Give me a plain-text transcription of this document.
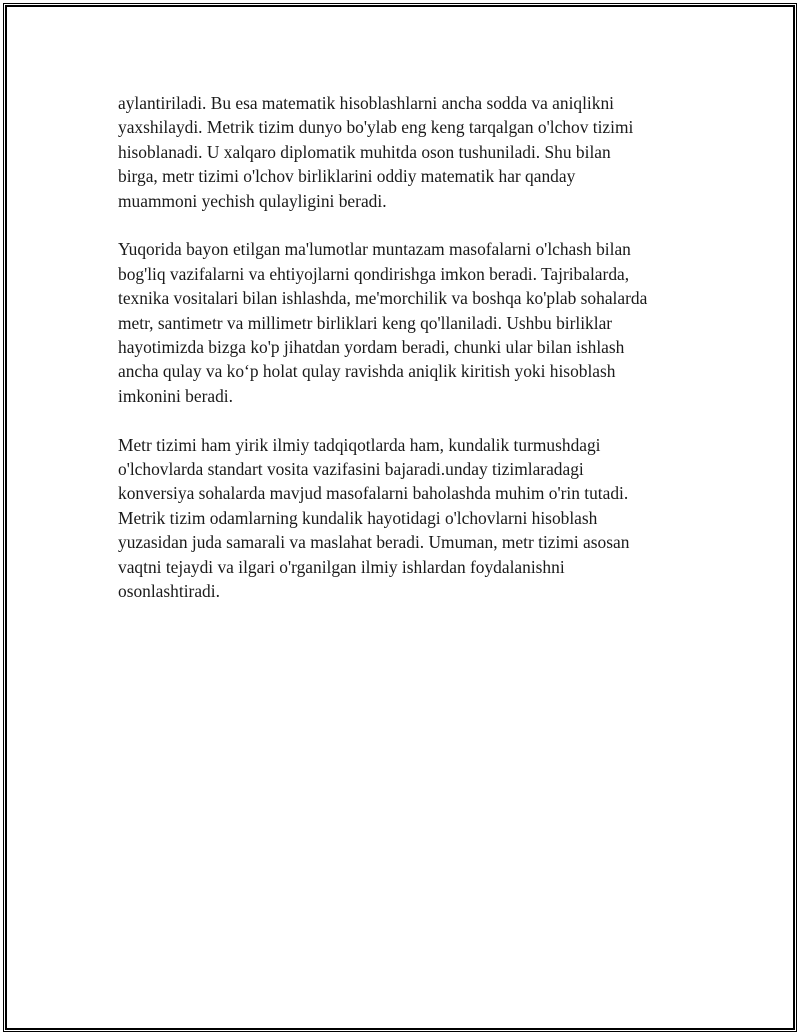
aylantiriladi. Bu esa matematik hisoblashlarni ancha sodda va aniqlikni
yaxshilaydi. Metrik tizim dunyo bo'ylab eng keng tarqalgan o'lchov tizimi
hisoblanadi. U xalqaro diplomatik muhitda oson tushuniladi. Shu bilan
birga, metr tizimi o'lchov birliklarini oddiy matematik har qanday
muammoni yechish qulayligini beradi.

Yuqorida bayon etilgan ma'lumotlar muntazam masofalarni o'lchash bilan
bog'liq vazifalarni va ehtiyojlarni qondirishga imkon beradi. Tajribalarda,
texnika vositalari bilan ishlashda, me'morchilik va boshqa ko'plab sohalarda
metr, santimetr va millimetr birliklari keng qo'llaniladi. Ushbu birliklar
hayotimizda bizga ko'p jihatdan yordam beradi, chunki ular bilan ishlash
ancha qulay va ko‘p holat qulay ravishda aniqlik kiritish yoki hisoblash
imkonini beradi.

Metr tizimi ham yirik ilmiy tadqiqotlarda ham, kundalik turmushdagi
o'lchovlarda standart vosita vazifasini bajaradi.unday tizimlaradagi
konversiya sohalarda mavjud masofalarni baholashda muhim o'rin tutadi.
Metrik tizim odamlarning kundalik hayotidagi o'lchovlarni hisoblash
yuzasidan juda samarali va maslahat beradi. Umuman, metr tizimi asosan
vaqtni tejaydi va ilgari o'rganilgan ilmiy ishlardan foydalanishni
osonlashtiradi.
